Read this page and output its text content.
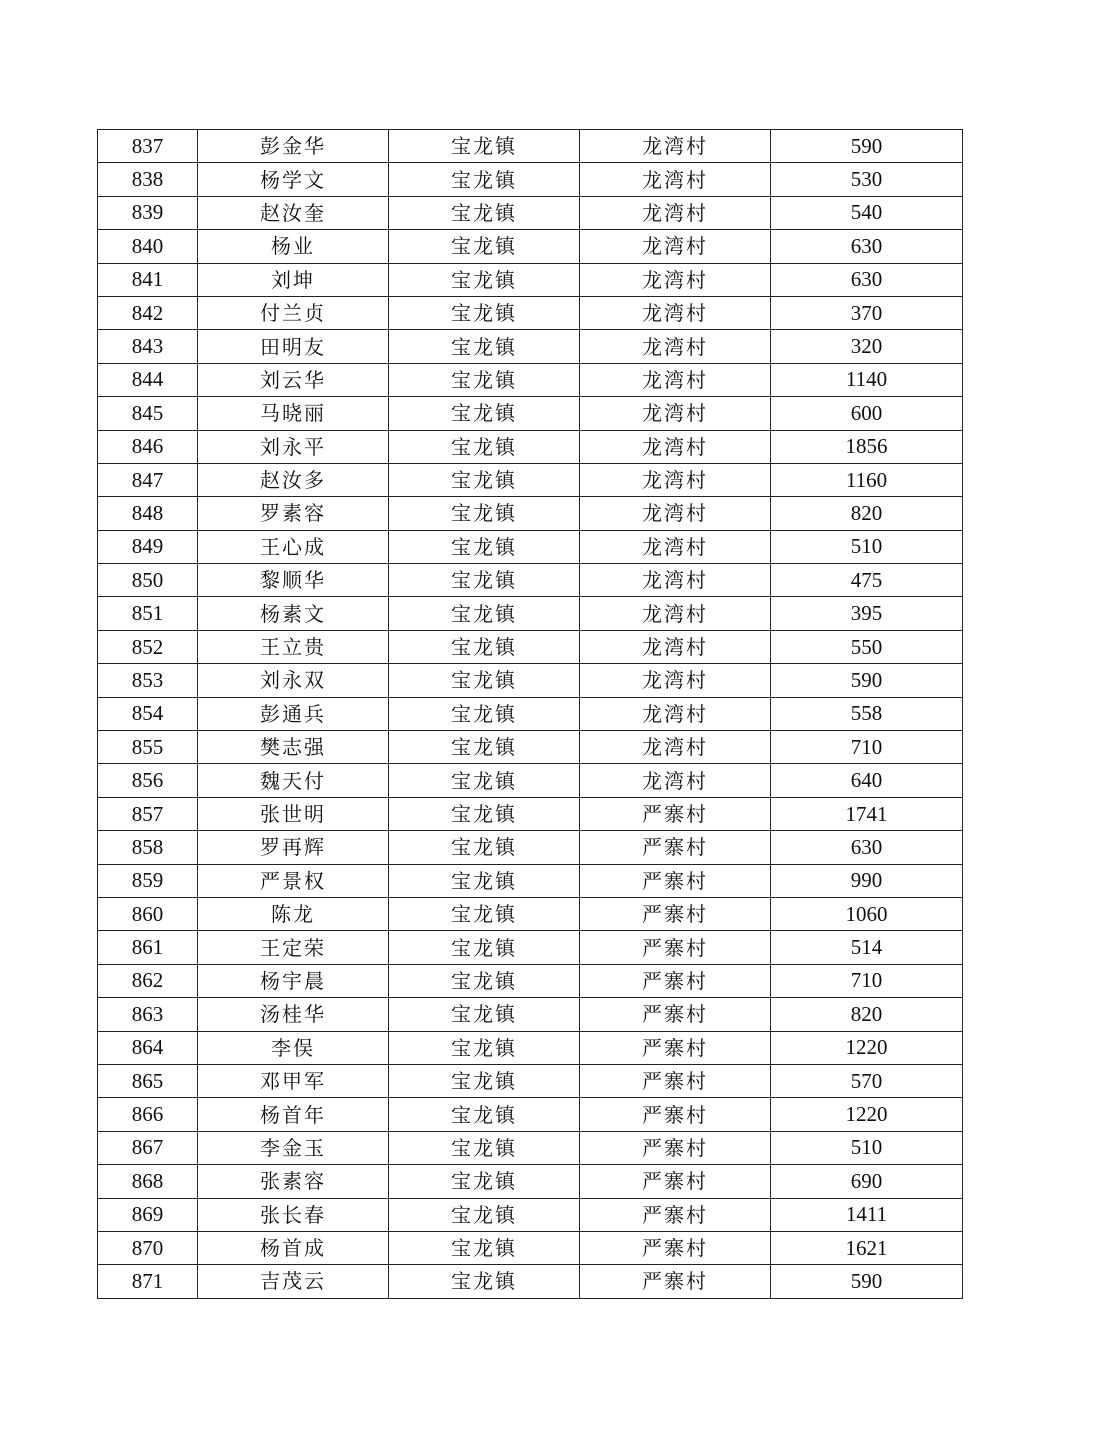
837	彭金华	宝龙镇	龙湾村	590
838	杨学文	宝龙镇	龙湾村	530
839	赵汝奎	宝龙镇	龙湾村	540
840	杨业	宝龙镇	龙湾村	630
841	刘坤	宝龙镇	龙湾村	630
842	付兰贞	宝龙镇	龙湾村	370
843	田明友	宝龙镇	龙湾村	320
844	刘云华	宝龙镇	龙湾村	1140
845	马晓丽	宝龙镇	龙湾村	600
846	刘永平	宝龙镇	龙湾村	1856
847	赵汝多	宝龙镇	龙湾村	1160
848	罗素容	宝龙镇	龙湾村	820
849	王心成	宝龙镇	龙湾村	510
850	黎顺华	宝龙镇	龙湾村	475
851	杨素文	宝龙镇	龙湾村	395
852	王立贵	宝龙镇	龙湾村	550
853	刘永双	宝龙镇	龙湾村	590
854	彭通兵	宝龙镇	龙湾村	558
855	樊志强	宝龙镇	龙湾村	710
856	魏天付	宝龙镇	龙湾村	640
857	张世明	宝龙镇	严寨村	1741
858	罗再辉	宝龙镇	严寨村	630
859	严景权	宝龙镇	严寨村	990
860	陈龙	宝龙镇	严寨村	1060
861	王定荣	宝龙镇	严寨村	514
862	杨宇晨	宝龙镇	严寨村	710
863	汤桂华	宝龙镇	严寨村	820
864	李俣	宝龙镇	严寨村	1220
865	邓甲军	宝龙镇	严寨村	570
866	杨首年	宝龙镇	严寨村	1220
867	李金玉	宝龙镇	严寨村	510
868	张素容	宝龙镇	严寨村	690
869	张长春	宝龙镇	严寨村	1411
870	杨首成	宝龙镇	严寨村	1621
871	吉茂云	宝龙镇	严寨村	590
